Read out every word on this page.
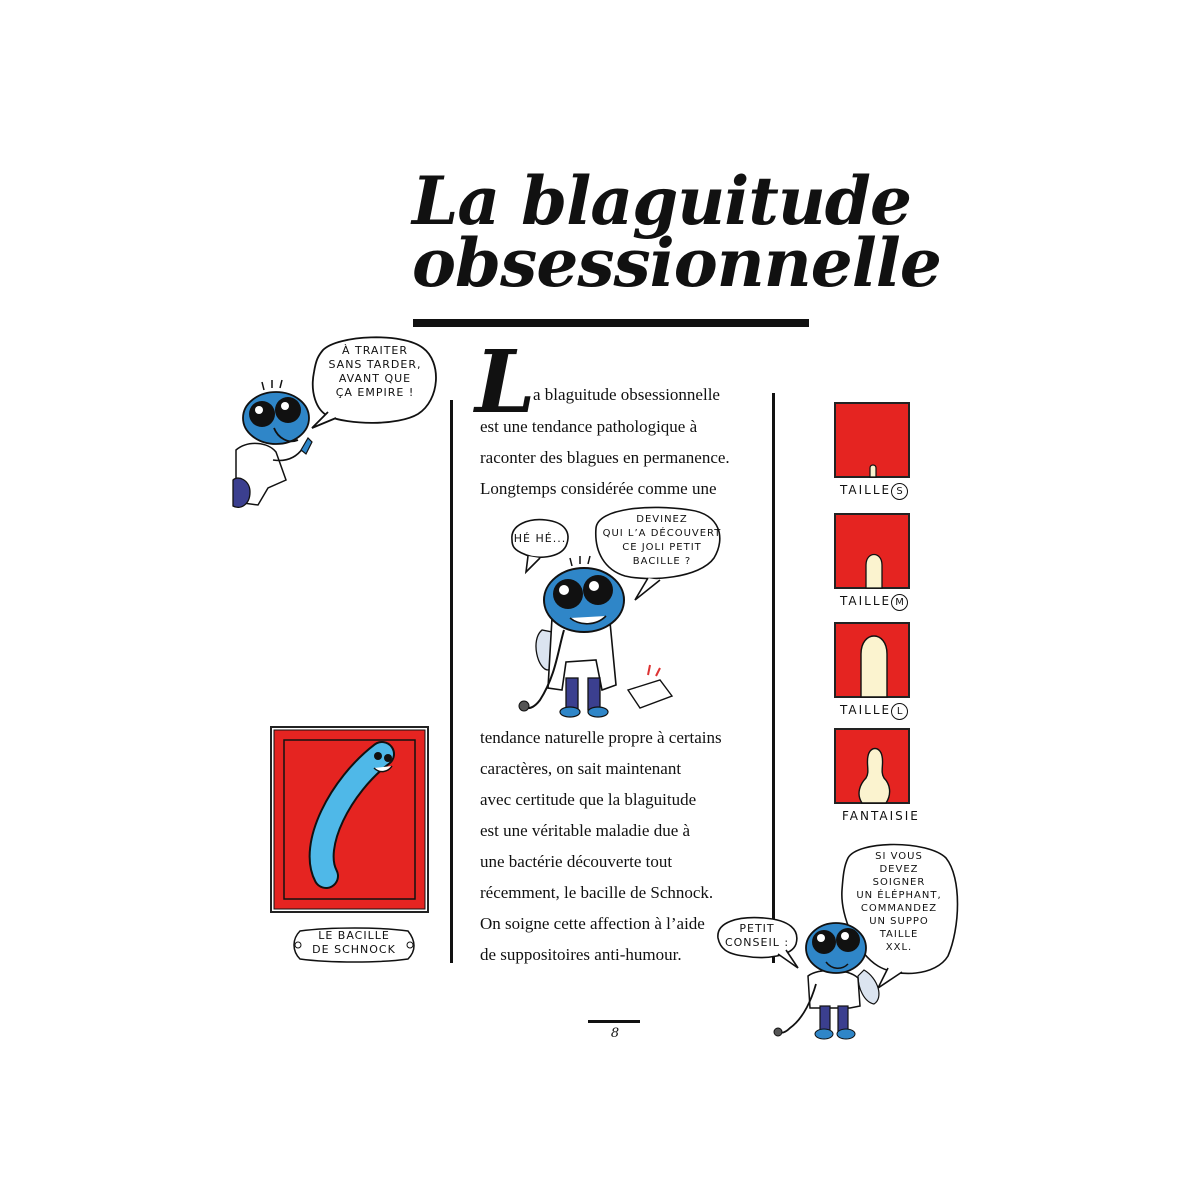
La blaguitude
obsessionnelle
L
a blaguitude obsessionnelle
est une tendance pathologique à
raconter des blagues en permanence.
Longtemps considérée comme une
tendance naturelle propre à certains
caractères, on sait maintenant
avec certitude que la blaguitude
est une véritable maladie due à
une bactérie découverte tout
récemment, le bacille de Schnock.
On soigne cette affection à l’aide
de suppositoires anti-humour.
À TRAITER
SANS TARDER,
AVANT QUE
ÇA EMPIRE !
HÉ HÉ...
DEVINEZ
QUI L’A DÉCOUVERT
CE JOLI PETIT
BACILLE ?
LE BACILLE
DE SCHNOCK
TAILLE S
TAILLE M
TAILLE L
FANTAISIE
PETIT
CONSEIL :
SI VOUS
DEVEZ
SOIGNER
UN ÉLÉPHANT,
COMMANDEZ
UN SUPPO
TAILLE
XXL.
8
